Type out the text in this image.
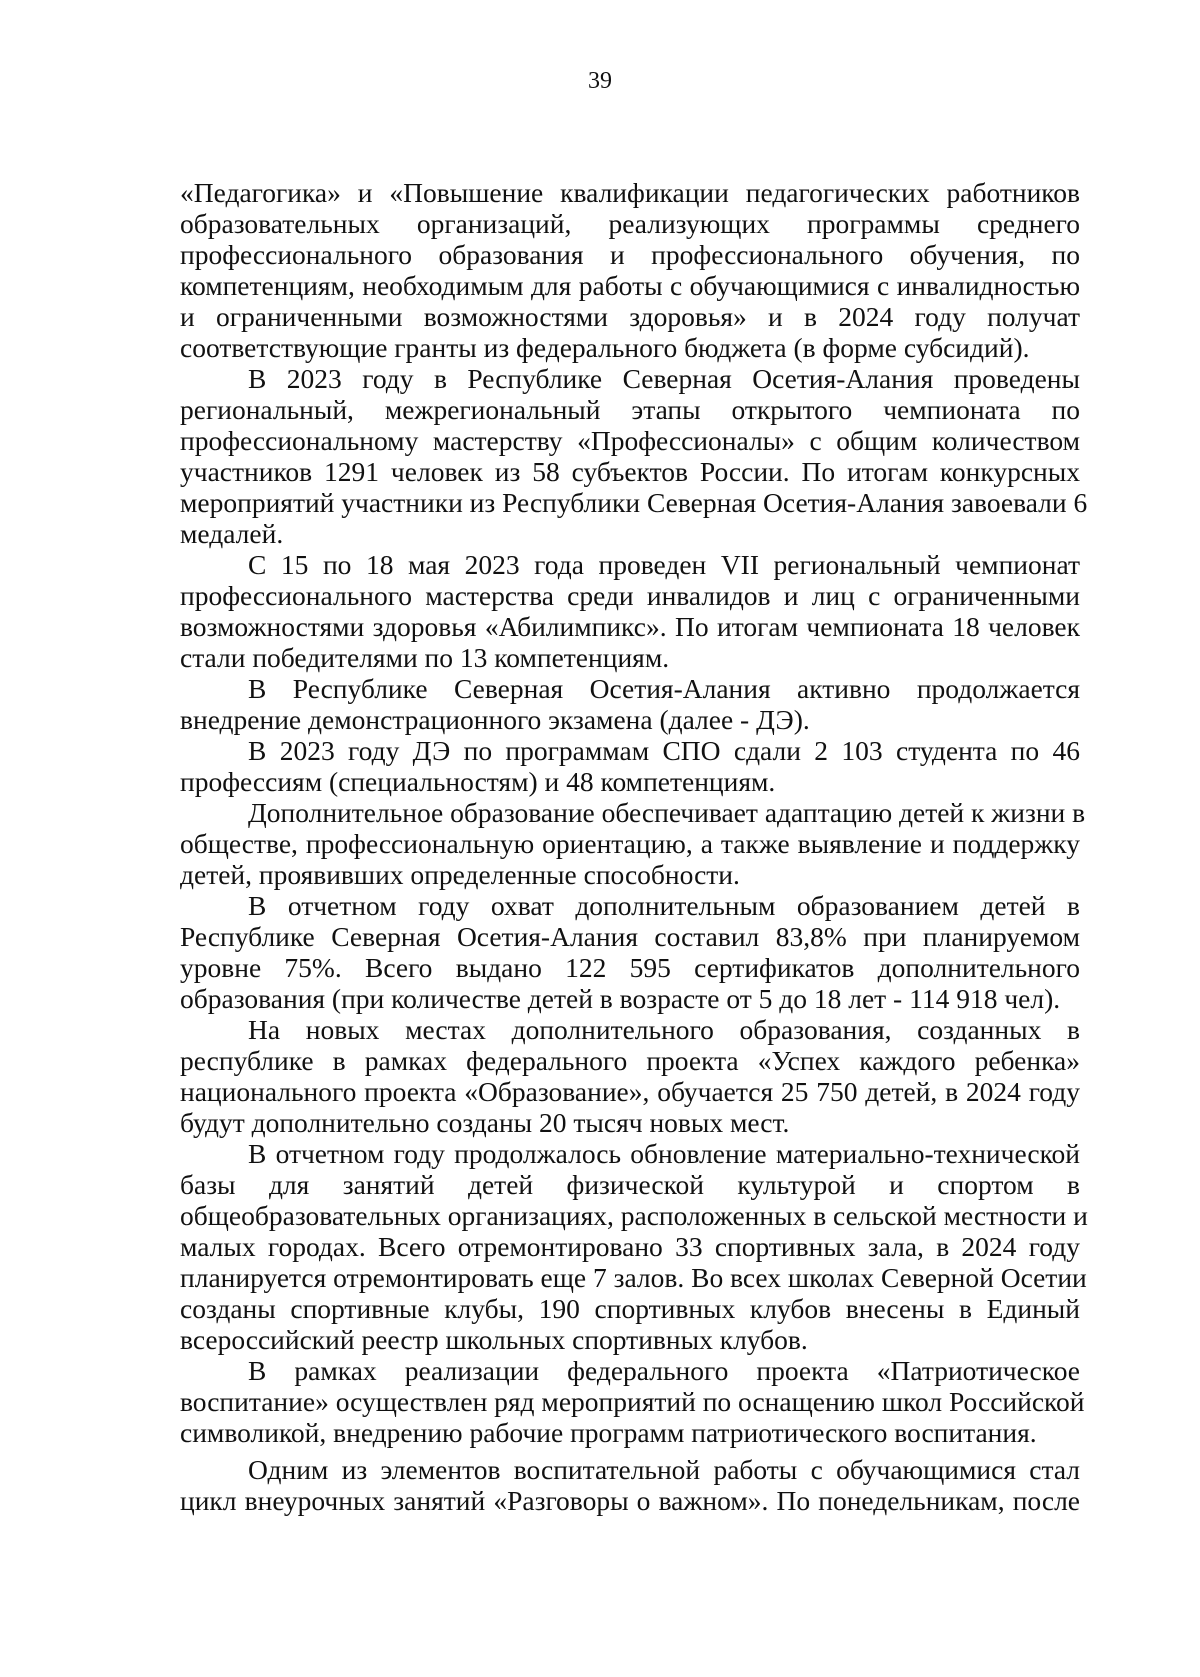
39
«Педагогика» и «Повышение квалификации педагогических работников
образовательных организаций, реализующих программы среднего
профессионального образования и профессионального обучения, по
компетенциям, необходимым для работы с обучающимися с инвалидностью
и ограниченными возможностями здоровья» и в 2024 году получат
соответствующие гранты из федерального бюджета (в форме субсидий).
В 2023 году в Республике Северная Осетия-Алания проведены
региональный, межрегиональный этапы открытого чемпионата по
профессиональному мастерству «Профессионалы» с общим количеством
участников 1291 человек из 58 субъектов России. По итогам конкурсных
мероприятий участники из Республики Северная Осетия-Алания завоевали 6
медалей.
С 15 по 18 мая 2023 года проведен VII региональный чемпионат
профессионального мастерства среди инвалидов и лиц с ограниченными
возможностями здоровья «Абилимпикс». По итогам чемпионата 18 человек
стали победителями по 13 компетенциям.
В Республике Северная Осетия-Алания активно продолжается
внедрение демонстрационного экзамена (далее - ДЭ).
В 2023 году ДЭ по программам СПО сдали 2 103 студента по 46
профессиям (специальностям) и 48 компетенциям.
Дополнительное образование обеспечивает адаптацию детей к жизни в
обществе, профессиональную ориентацию, а также выявление и поддержку
детей, проявивших определенные способности.
В отчетном году охват дополнительным образованием детей в
Республике Северная Осетия-Алания составил 83,8% при планируемом
уровне 75%. Всего выдано 122 595 сертификатов дополнительного
образования (при количестве детей в возрасте от 5 до 18 лет - 114 918 чел).
На новых местах дополнительного образования, созданных в
республике в рамках федерального проекта «Успех каждого ребенка»
национального проекта «Образование», обучается 25 750 детей, в 2024 году
будут дополнительно созданы 20 тысяч новых мест.
В отчетном году продолжалось обновление материально-технической
базы для занятий детей физической культурой и спортом в
общеобразовательных организациях, расположенных в сельской местности и
малых городах. Всего отремонтировано 33 спортивных зала, в 2024 году
планируется отремонтировать еще 7 залов. Во всех школах Северной Осетии
созданы спортивные клубы, 190 спортивных клубов внесены в Единый
всероссийский реестр школьных спортивных клубов.
В рамках реализации федерального проекта «Патриотическое
воспитание» осуществлен ряд мероприятий по оснащению школ Российской
символикой, внедрению рабочие программ патриотического воспитания.
Одним из элементов воспитательной работы с обучающимися стал
цикл внеурочных занятий «Разговоры о важном». По понедельникам, после
